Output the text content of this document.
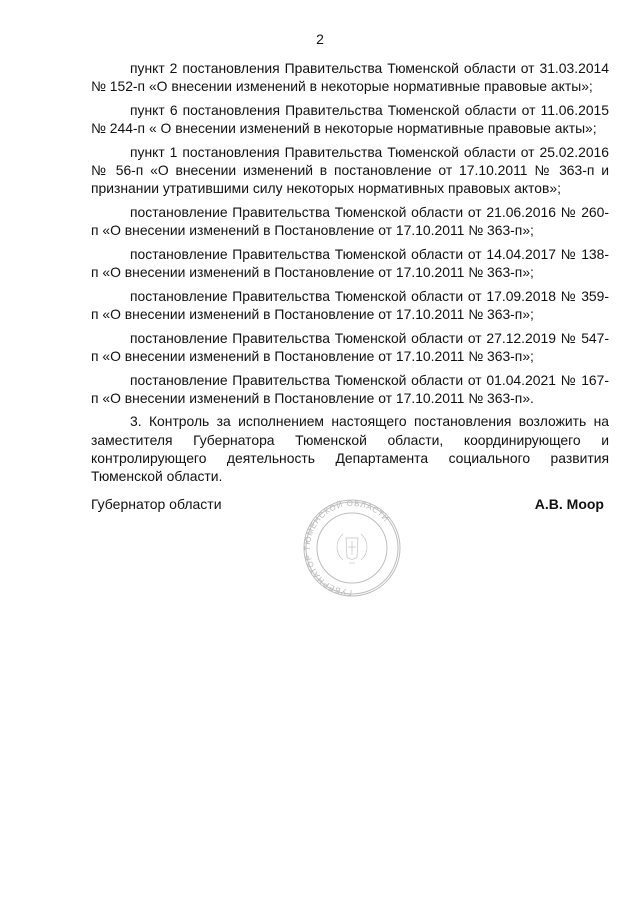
2

пункт 2 постановления Правительства Тюменской области от 31.03.2014 № 152-п «О внесении изменений в некоторые нормативные правовые акты»;

пункт 6 постановления Правительства Тюменской области от 11.06.2015 № 244-п « О внесении изменений в некоторые нормативные правовые акты»;

пункт 1 постановления Правительства Тюменской области от 25.02.2016 № 56-п «О внесении изменений в постановление от 17.10.2011 № 363-п и признании утратившими силу некоторых нормативных правовых актов»;

постановление Правительства Тюменской области от 21.06.2016 № 260-п «О внесении изменений в Постановление от 17.10.2011 № 363-п»;

постановление Правительства Тюменской области от 14.04.2017 № 138-п «О внесении изменений в Постановление от 17.10.2011 № 363-п»;

постановление Правительства Тюменской области от 17.09.2018 № 359-п «О внесении изменений в Постановление от 17.10.2011 № 363-п»;

постановление Правительства Тюменской области от 27.12.2019 № 547-п «О внесении изменений в Постановление от 17.10.2011 № 363-п»;

постановление Правительства Тюменской области от 01.04.2021 № 167-п «О внесении изменений в Постановление от 17.10.2011 № 363-п».

3. Контроль за исполнением настоящего постановления возложить на заместителя Губернатора Тюменской области, координирующего и контролирующего деятельность Департамента социального развития Тюменской области.

Губернатор области	А.В. Моор
ГУБЕРНАТОР ТЮМЕНСКОЙ ОБЛАСТИ
